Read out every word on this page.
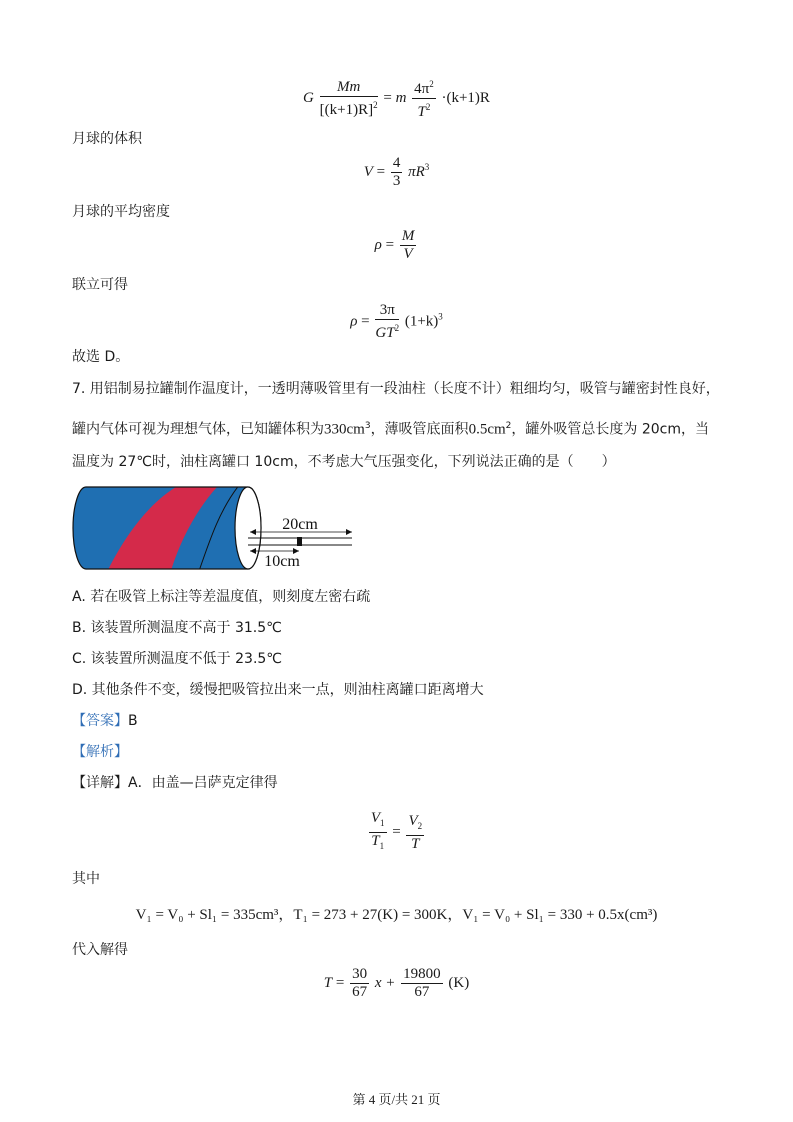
G $\frac{Mm}{[(k+1)R]^2} = m \frac{4\pi^2}{T^2} \cdot(k+1)R$
月球的体积
$V = \frac{4}{3} \pi R^3$
月球的平均密度
$\rho = \frac{M}{V}$
联立可得
$\rho = \frac{3\pi}{GT^2} (1+k)^3$
故选 D。
7. 用铝制易拉罐制作温度计，一透明薄吸管里有一段油柱（长度不计）粗细均匀，吸管与罐密封性良好，
罐内气体可视为理想气体，已知罐体积为$330cm^3$，薄吸管底面积$0.5cm^2$，罐外吸管总长度为 20cm，当
温度为 27℃时，油柱离罐口 10cm，不考虑大气压强变化，下列说法正确的是（　　）
20cm
10cm
A. 若在吸管上标注等差温度值，则刻度左密右疏
B. 该装置所测温度不高于 31.5℃
C. 该装置所测温度不低于 23.5℃
D. 其他条件不变，缓慢把吸管拉出来一点，则油柱离罐口距离增大
【答案】B
【解析】
【详解】A．由盖—吕萨克定律得
$\frac{V_1}{T_1} = \frac{V_2}{T}$
其中
V₁ = V₀ + Sl₁ = 335cm³，T₁ = 273 + 27(K) = 300K，V₁ = V₀ + Sl₁ = 330 + 0.5x(cm³)
代入解得
$T = \frac{30}{67}$ $x + \frac{19800}{67} (K)$
第 4 页/共 21 页
